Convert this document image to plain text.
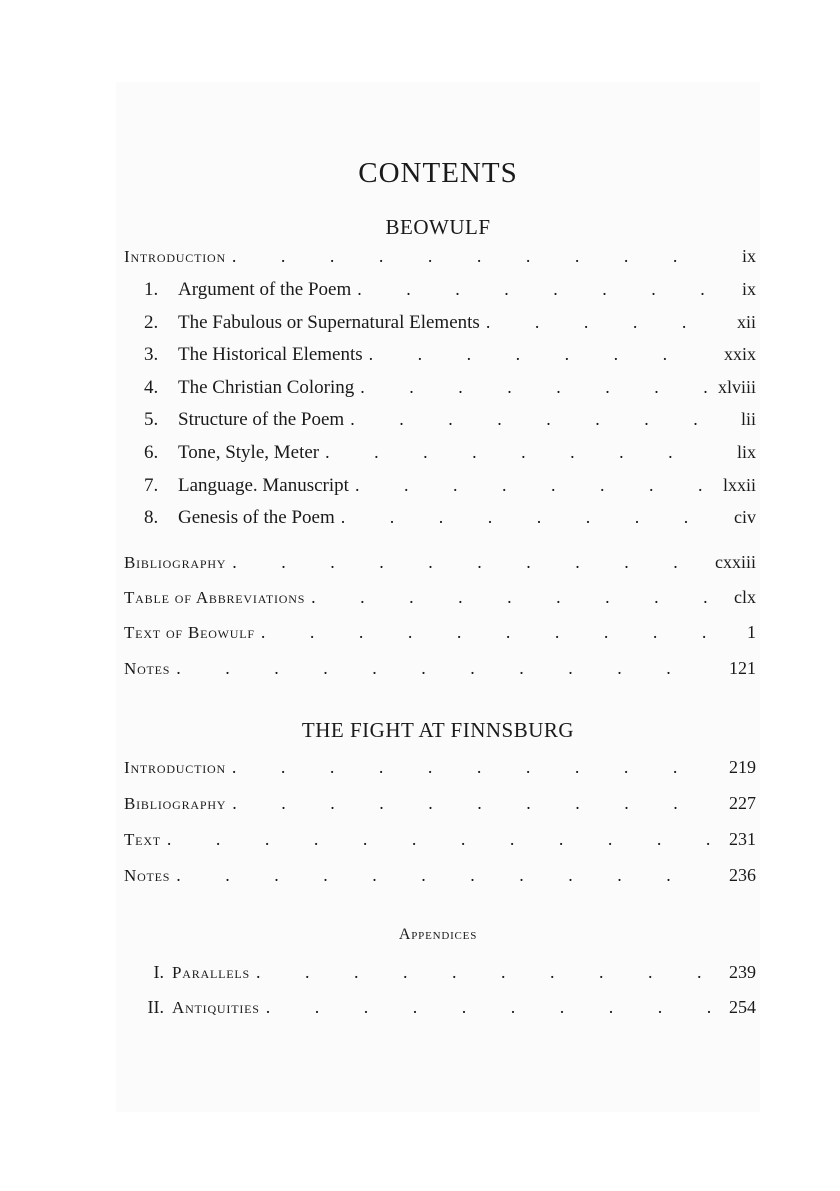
CONTENTS
BEOWULF
Introduction . . .	ix
1.	Argument of the Poem . . .	ix
2.	The Fabulous or Supernatural Elements . . .	xii
3.	The Historical Elements . . .	xxix
4.	The Christian Coloring . . .	xlviii
5.	Structure of the Poem . . .	lii
6.	Tone, Style, Meter . . .	lix
7.	Language. Manuscript . . .	lxxii
8.	Genesis of the Poem . . .	civ
Bibliography . . .	cxxiii
Table of Abbreviations . . .	clx
Text of Beowulf . . .	1
Notes . . .	121
THE FIGHT AT FINNSBURG
Introduction . . .	219
Bibliography . . .	227
Text . . .	231
Notes . . .	236
Appendices
I. Parallels . . .	239
II. Antiquities . . .	254
